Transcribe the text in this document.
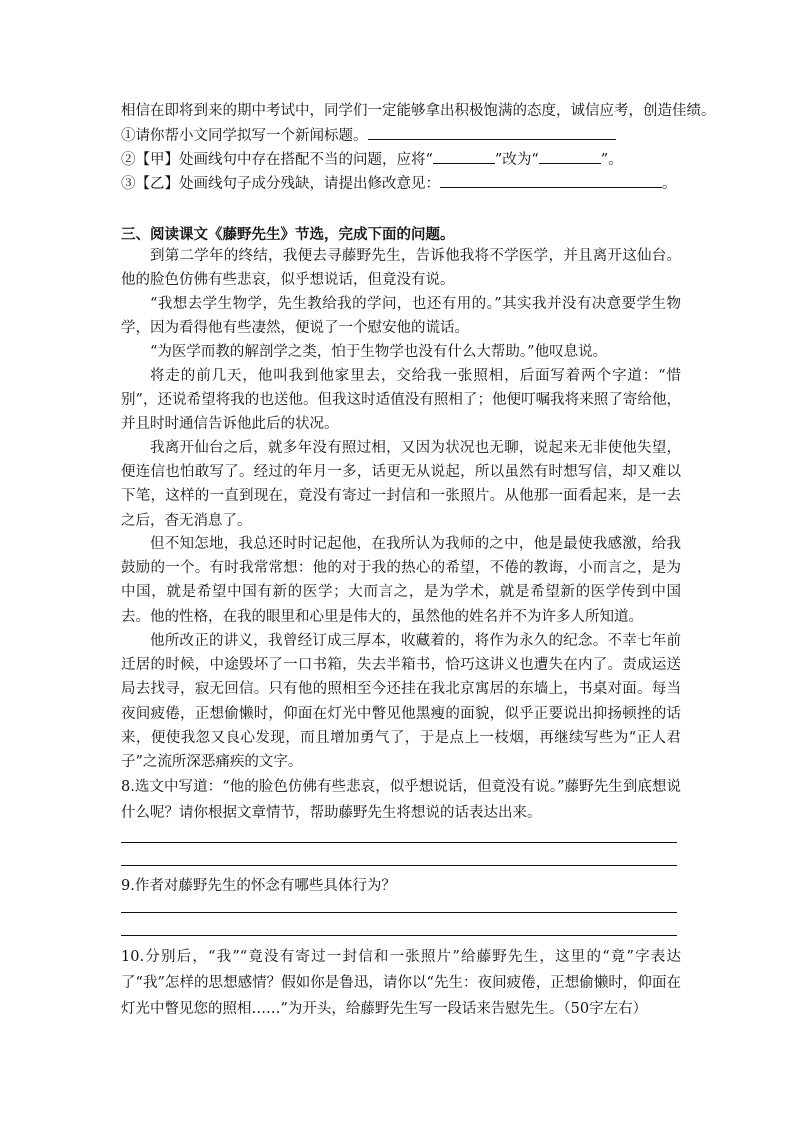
相信在即将到来的期中考试中，同学们一定能够拿出积极饱满的态度，诚信应考，创造佳绩。
①请你帮小文同学拟写一个新闻标题。
②【甲】处画线句中存在搭配不当的问题，应将“	”改为“	”。
③【乙】处画线句子成分残缺，请提出修改意见：	。
三、阅读课文《藤野先生》节选，完成下面的问题。
到第二学年的终结，我便去寻藤野先生，告诉他我将不学医学，并且离开这仙台。他的脸色仿佛有些悲哀，似乎想说话，但竟没有说。
“我想去学生物学，先生教给我的学问，也还有用的。”其实我并没有决意要学生物学，因为看得他有些凄然，便说了一个慰安他的谎话。
“为医学而教的解剖学之类，怕于生物学也没有什么大帮助。”他叹息说。
将走的前几天，他叫我到他家里去，交给我一张照相，后面写着两个字道：“惜别”，还说希望将我的也送他。但我这时适值没有照相了；他便叮嘱我将来照了寄给他，并且时时通信告诉他此后的状况。
我离开仙台之后，就多年没有照过相，又因为状况也无聊，说起来无非使他失望，便连信也怕敢写了。经过的年月一多，话更无从说起，所以虽然有时想写信，却又难以下笔，这样的一直到现在，竟没有寄过一封信和一张照片。从他那一面看起来，是一去之后，杳无消息了。
但不知怎地，我总还时时记起他，在我所认为我师的之中，他是最使我感激，给我鼓励的一个。有时我常常想：他的对于我的热心的希望，不倦的教诲，小而言之，是为中国，就是希望中国有新的医学；大而言之，是为学术，就是希望新的医学传到中国去。他的性格，在我的眼里和心里是伟大的，虽然他的姓名并不为许多人所知道。
他所改正的讲义，我曾经订成三厚本，收藏着的，将作为永久的纪念。不幸七年前迁居的时候，中途毁坏了一口书箱，失去半箱书，恰巧这讲义也遭失在内了。责成运送局去找寻，寂无回信。只有他的照相至今还挂在我北京寓居的东墙上，书桌对面。每当夜间疲倦，正想偷懒时，仰面在灯光中瞥见他黑瘦的面貌，似乎正要说出抑扬顿挫的话来，便使我忽又良心发现，而且增加勇气了，于是点上一枝烟，再继续写些为“正人君子”之流所深恶痛疾的文字。
8.选文中写道：“他的脸色仿佛有些悲哀，似乎想说话，但竟没有说。”藤野先生到底想说什么呢？请你根据文章情节，帮助藤野先生将想说的话表达出来。
9.作者对藤野先生的怀念有哪些具体行为？
10.分别后，“我”“竟没有寄过一封信和一张照片”给藤野先生，这里的“竟”字表达了“我”怎样的思想感情？假如你是鲁迅，请你以“先生：夜间疲倦，正想偷懒时，仰面在灯光中瞥见您的照相……”为开头，给藤野先生写一段话来告慰先生。（50字左右）
